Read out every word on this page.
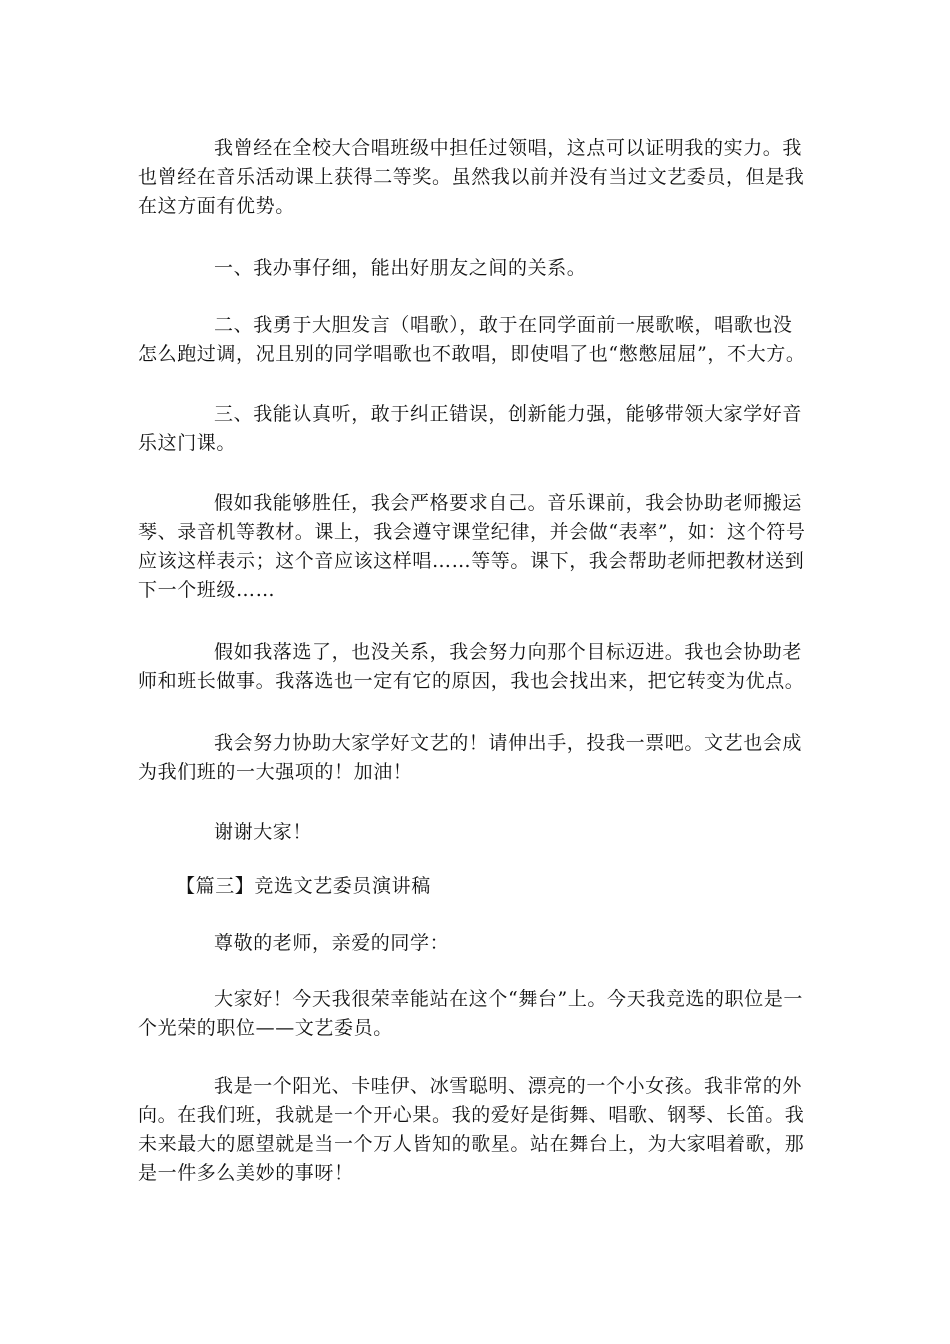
我曾经在全校大合唱班级中担任过领唱，这点可以证明我的实力。我也曾经在音乐活动课上获得二等奖。虽然我以前并没有当过文艺委员，但是我在这方面有优势。

一、我办事仔细，能出好朋友之间的关系。

二、我勇于大胆发言（唱歌），敢于在同学面前一展歌喉，唱歌也没怎么跑过调，况且别的同学唱歌也不敢唱，即使唱了也“憋憋屈屈”，不大方。

三、我能认真听，敢于纠正错误，创新能力强，能够带领大家学好音乐这门课。

假如我能够胜任，我会严格要求自己。音乐课前，我会协助老师搬运琴、录音机等教材。课上，我会遵守课堂纪律，并会做“表率”，如：这个符号应该这样表示；这个音应该这样唱……等等。课下，我会帮助老师把教材送到下一个班级……

假如我落选了，也没关系，我会努力向那个目标迈进。我也会协助老师和班长做事。我落选也一定有它的原因，我也会找出来，把它转变为优点。

我会努力协助大家学好文艺的！请伸出手，投我一票吧。文艺也会成为我们班的一大强项的！加油！

谢谢大家！

【篇三】竞选文艺委员演讲稿

尊敬的老师，亲爱的同学：

大家好！今天我很荣幸能站在这个“舞台”上。今天我竞选的职位是一个光荣的职位——文艺委员。

我是一个阳光、卡哇伊、冰雪聪明、漂亮的一个小女孩。我非常的外向。在我们班，我就是一个开心果。我的爱好是街舞、唱歌、钢琴、长笛。我未来最大的愿望就是当一个万人皆知的歌星。站在舞台上，为大家唱着歌，那是一件多么美妙的事呀！
